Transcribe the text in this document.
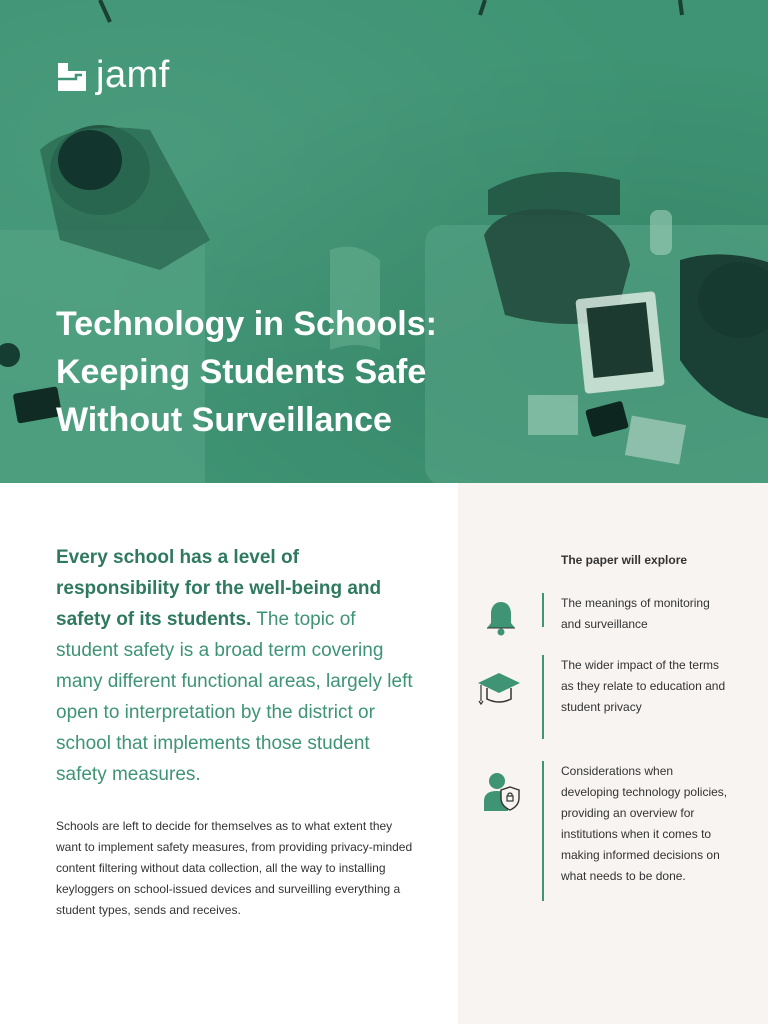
jamf
Technology in Schools:
Keeping Students Safe
Without Surveillance

Every school has a level of responsibility for the well-being and safety of its students. The topic of student safety is a broad term covering many different functional areas, largely left open to interpretation by the district or school that implements those student safety measures.

Schools are left to decide for themselves as to what extent they want to implement safety measures, from providing privacy-minded content filtering without data collection, all the way to installing keyloggers on school-issued devices and surveilling everything a student types, sends and receives.

The paper will explore

The meanings of monitoring and surveillance

The wider impact of the terms as they relate to education and student privacy

Considerations when developing technology policies, providing an overview for institutions when it comes to making informed decisions on what needs to be done.
